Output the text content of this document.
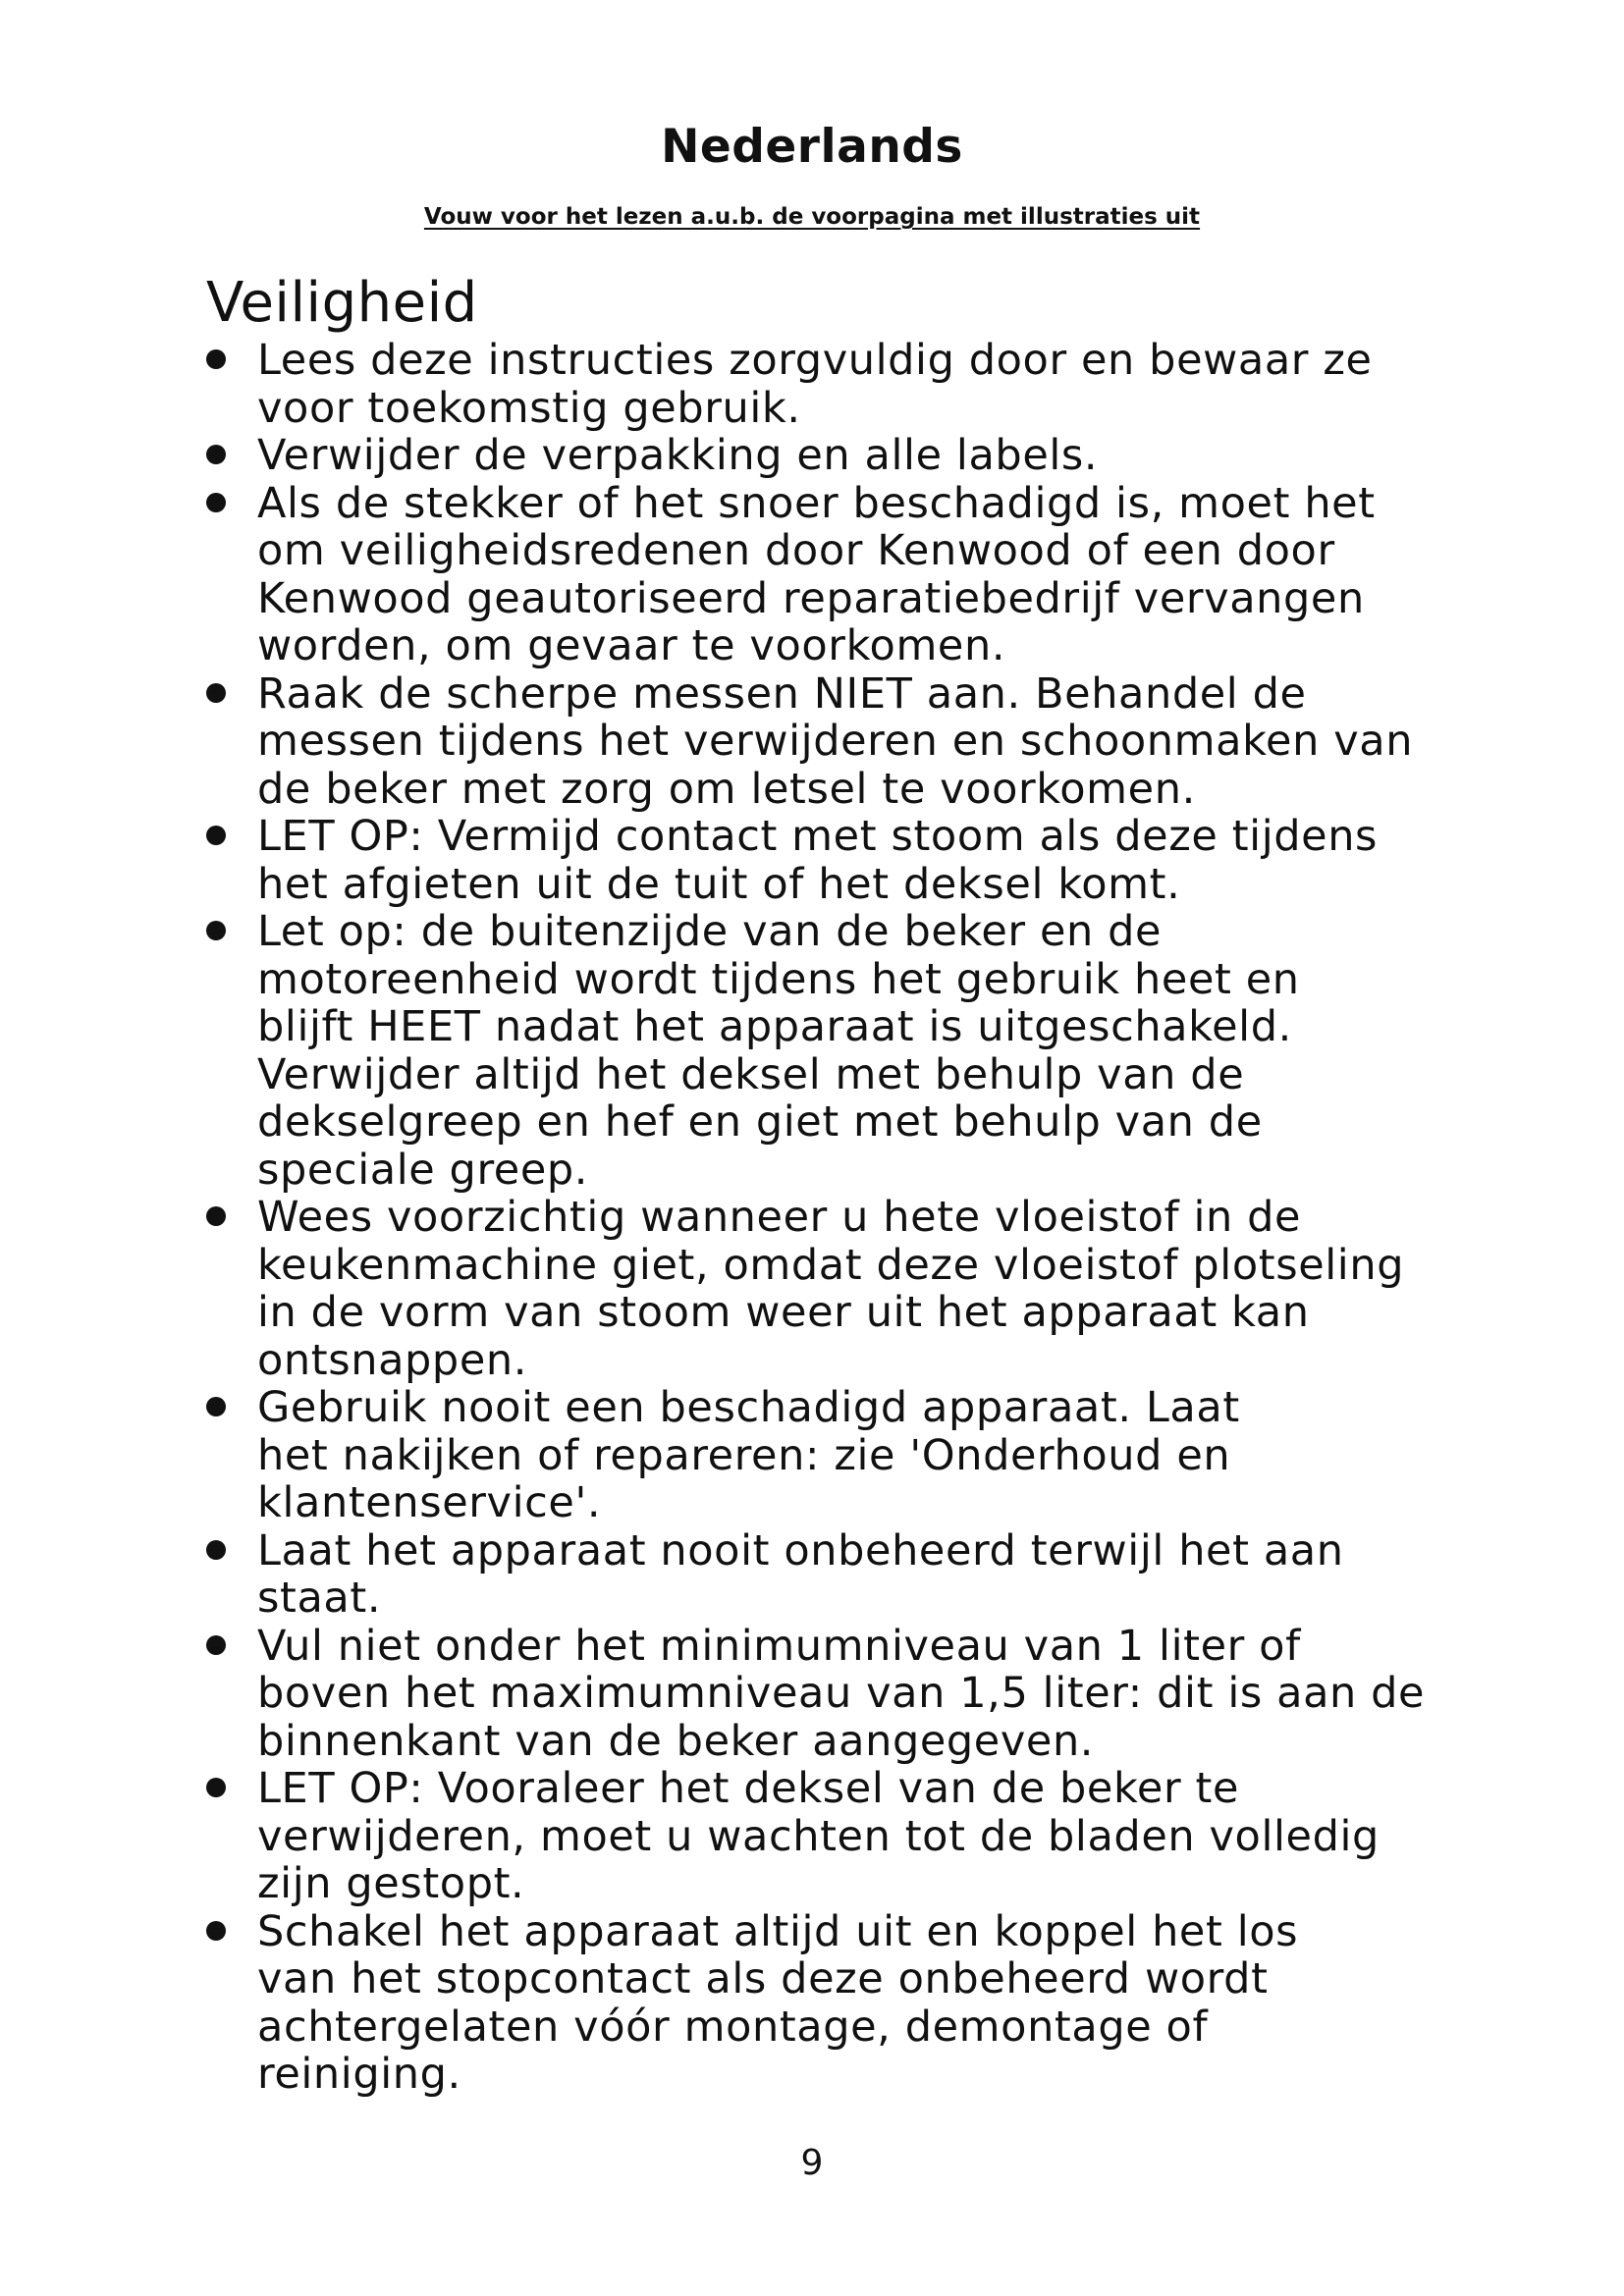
Nederlands
Vouw voor het lezen a.u.b. de voorpagina met illustraties uit
Veiligheid
Lees deze instructies zorgvuldig door en bewaar ze
voor toekomstig gebruik.
Verwijder de verpakking en alle labels.
Als de stekker of het snoer beschadigd is, moet het
om veiligheidsredenen door Kenwood of een door
Kenwood geautoriseerd reparatiebedrijf vervangen
worden, om gevaar te voorkomen.
Raak de scherpe messen NIET aan. Behandel de
messen tijdens het verwijderen en schoonmaken van
de beker met zorg om letsel te voorkomen.
LET OP: Vermijd contact met stoom als deze tijdens
het afgieten uit de tuit of het deksel komt.
Let op: de buitenzijde van de beker en de
motoreenheid wordt tijdens het gebruik heet en
blijft HEET nadat het apparaat is uitgeschakeld.
Verwijder altijd het deksel met behulp van de
dekselgreep en hef en giet met behulp van de
speciale greep.
Wees voorzichtig wanneer u hete vloeistof in de
keukenmachine giet, omdat deze vloeistof plotseling
in de vorm van stoom weer uit het apparaat kan
ontsnappen.
Gebruik nooit een beschadigd apparaat. Laat
het nakijken of repareren: zie 'Onderhoud en
klantenservice'.
Laat het apparaat nooit onbeheerd terwijl het aan
staat.
Vul niet onder het minimumniveau van 1 liter of
boven het maximumniveau van 1,5 liter: dit is aan de
binnenkant van de beker aangegeven.
LET OP: Vooraleer het deksel van de beker te
verwijderen, moet u wachten tot de bladen volledig
zijn gestopt.
Schakel het apparaat altijd uit en koppel het los
van het stopcontact als deze onbeheerd wordt
achtergelaten vóór montage, demontage of
reiniging.
9
